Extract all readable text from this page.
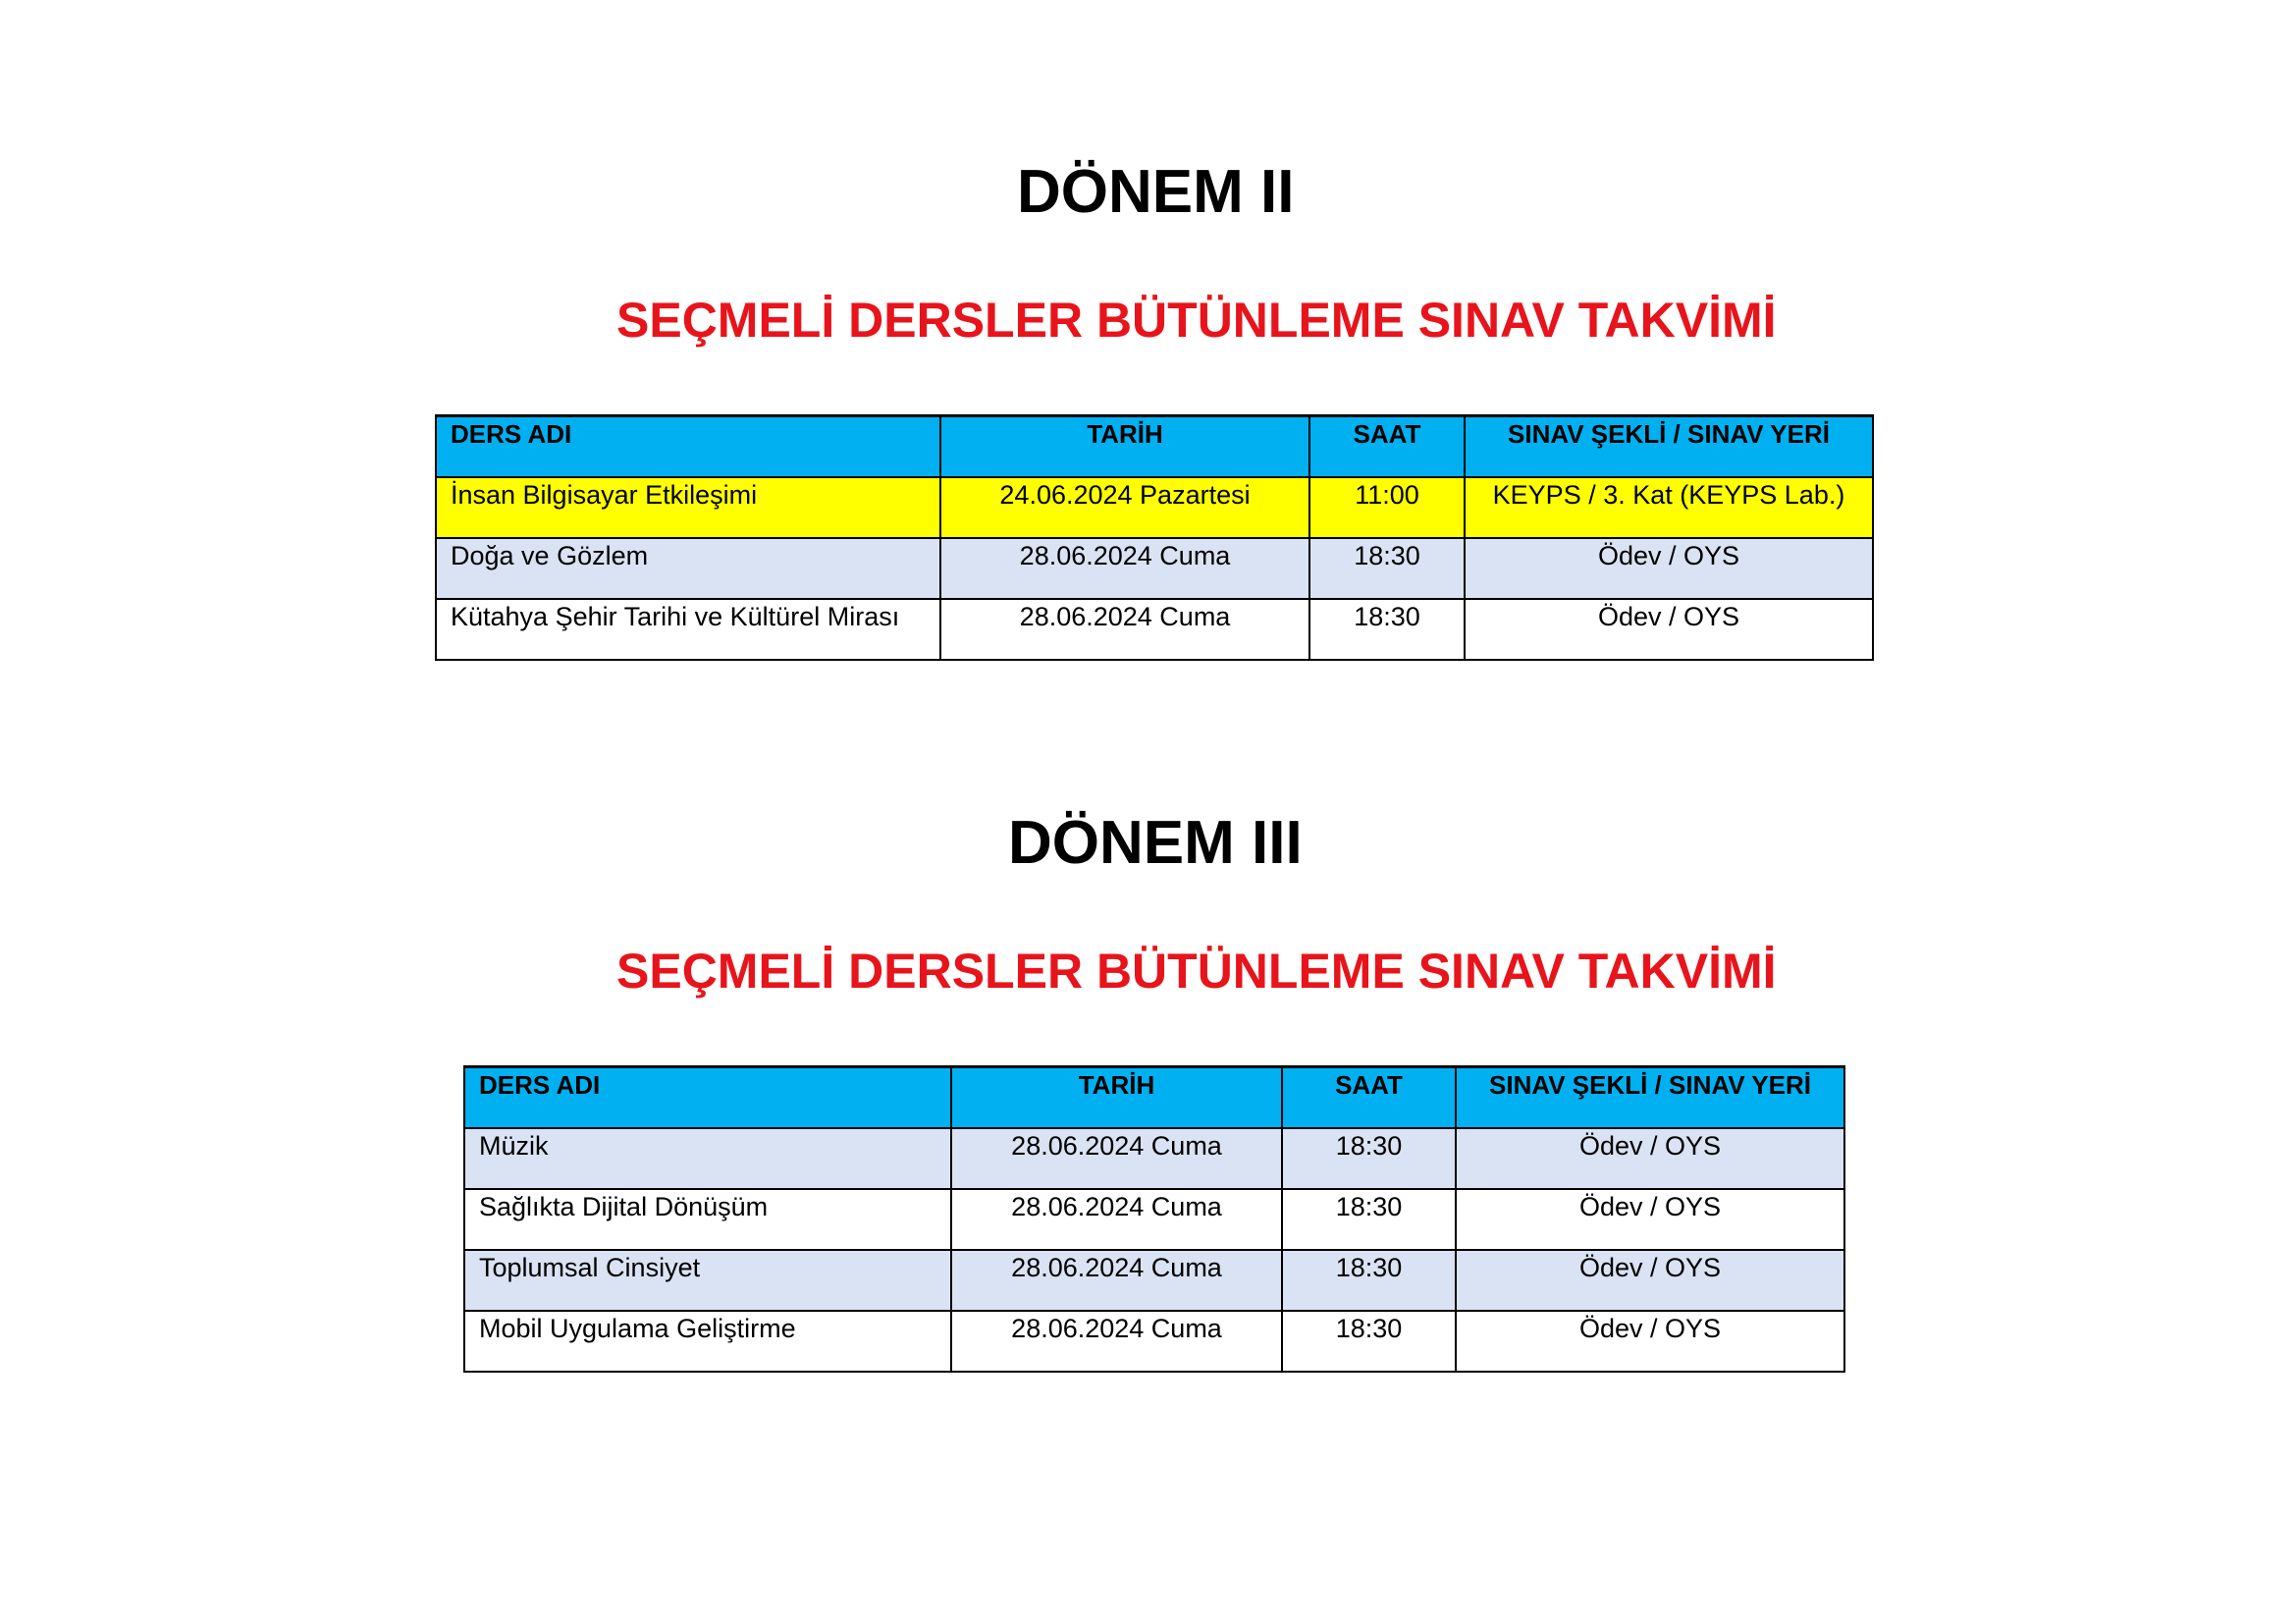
DÖNEM II
SEÇMELİ DERSLER BÜTÜNLEME SINAV TAKVİMİ
DERS ADI	TARİH	SAAT	SINAV ŞEKLİ / SINAV YERİ
İnsan Bilgisayar Etkileşimi	24.06.2024 Pazartesi	11:00	KEYPS / 3. Kat (KEYPS Lab.)
Doğa ve Gözlem	28.06.2024 Cuma	18:30	Ödev / OYS
Kütahya Şehir Tarihi ve Kültürel Mirası	28.06.2024 Cuma	18:30	Ödev / OYS
DÖNEM III
SEÇMELİ DERSLER BÜTÜNLEME SINAV TAKVİMİ
DERS ADI	TARİH	SAAT	SINAV ŞEKLİ / SINAV YERİ
Müzik	28.06.2024 Cuma	18:30	Ödev / OYS
Sağlıkta Dijital Dönüşüm	28.06.2024 Cuma	18:30	Ödev / OYS
Toplumsal Cinsiyet	28.06.2024 Cuma	18:30	Ödev / OYS
Mobil Uygulama Geliştirme	28.06.2024 Cuma	18:30	Ödev / OYS
